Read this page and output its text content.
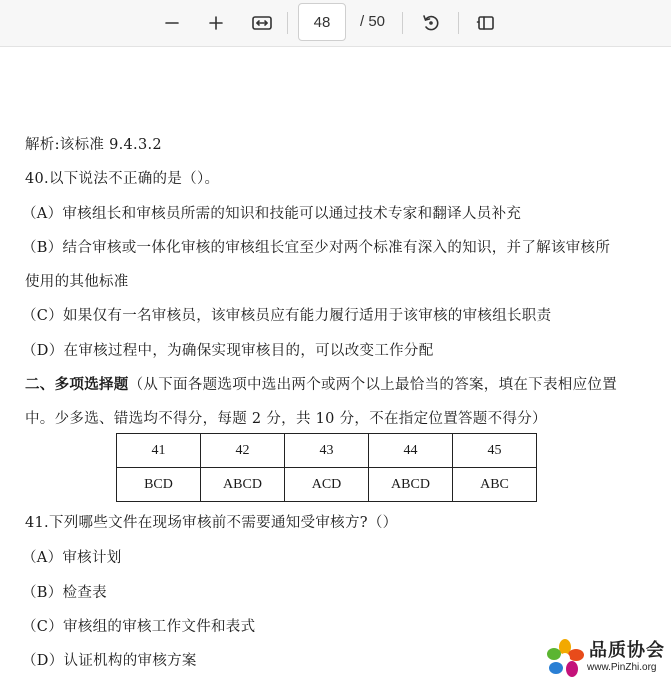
48
/ 50
解析:该标准 9.4.3.2
40.以下说法不正确的是（）。
（A）审核组长和审核员所需的知识和技能可以通过技术专家和翻译人员补充
（B）结合审核或一体化审核的审核组长宜至少对两个标准有深入的知识，并了解该审核所
使用的其他标准
（C）如果仅有一名审核员，该审核员应有能力履行适用于该审核的审核组长职责
（D）在审核过程中，为确保实现审核目的，可以改变工作分配
二、多项选择题（从下面各题选项中选出两个或两个以上最恰当的答案，填在下表相应位置
中。少多选、错选均不得分，每题 2 分，共 10 分，不在指定位置答题不得分）
41	42	43	44	45
BCD	ABCD	ACD	ABCD	ABC
41.下列哪些文件在现场审核前不需要通知受审核方?（）
（A）审核计划
（B）检查表
（C）审核组的审核工作文件和表式
（D）认证机构的审核方案	品质协会
www.PinZhi.org
